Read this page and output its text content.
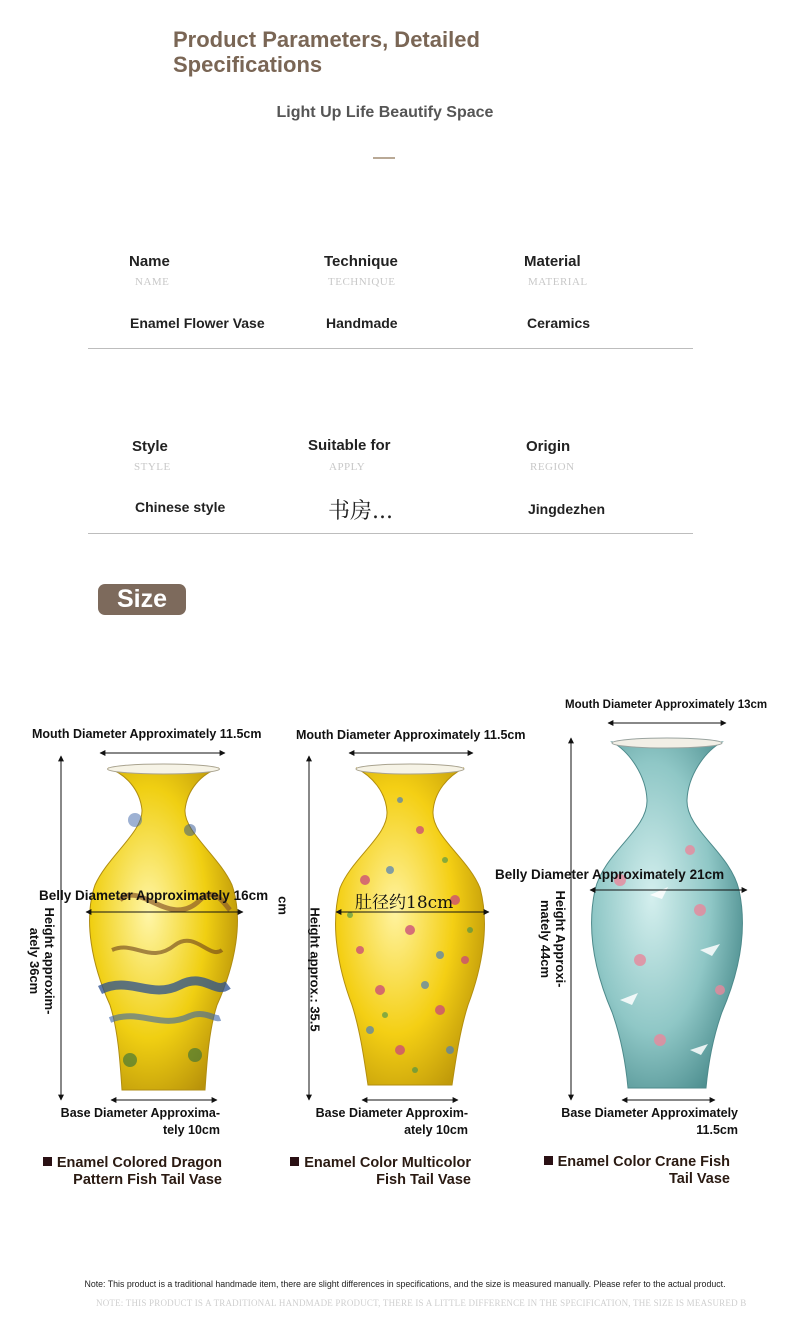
Product Parameters, Detailed Specifications
Light Up Life Beautify Space
Name
NAME
Enamel Flower Vase
Technique
TECHNIQUE
Handmade
Material
MATERIAL
Ceramics
Style
STYLE
Chinese style
Suitable for
APPLY
书房...
Origin
REGION
Jingdezhen
Size
Mouth Diameter Approximately 11.5cm
Belly Diameter Approximately 16cm
Height approxim-ately 36cm
Base Diameter Approxima-
tely 10cm
Enamel Colored Dragon
Pattern Fish Tail Vase
Mouth Diameter Approximately 11.5cm
肚径约18cm
Height approx.: 35.5
cm
Base Diameter Approxim-
ately 10cm
Enamel Color Multicolor
Fish Tail Vase
Mouth Diameter Approximately 13cm
Belly Diameter Approximately 21cm
Height Approxi-mately 44cm
Base Diameter Approximately
11.5cm
Enamel Color Crane Fish
Tail Vase
Note: This product is a traditional handmade item, there are slight differences in specifications, and the size is measured manually. Please refer to the actual product.
NOTE: THIS PRODUCT IS A TRADITIONAL HANDMADE PRODUCT, THERE IS A LITTLE DIFFERENCE IN THE SPECIFICATION, THE SIZE IS MEASURED B
